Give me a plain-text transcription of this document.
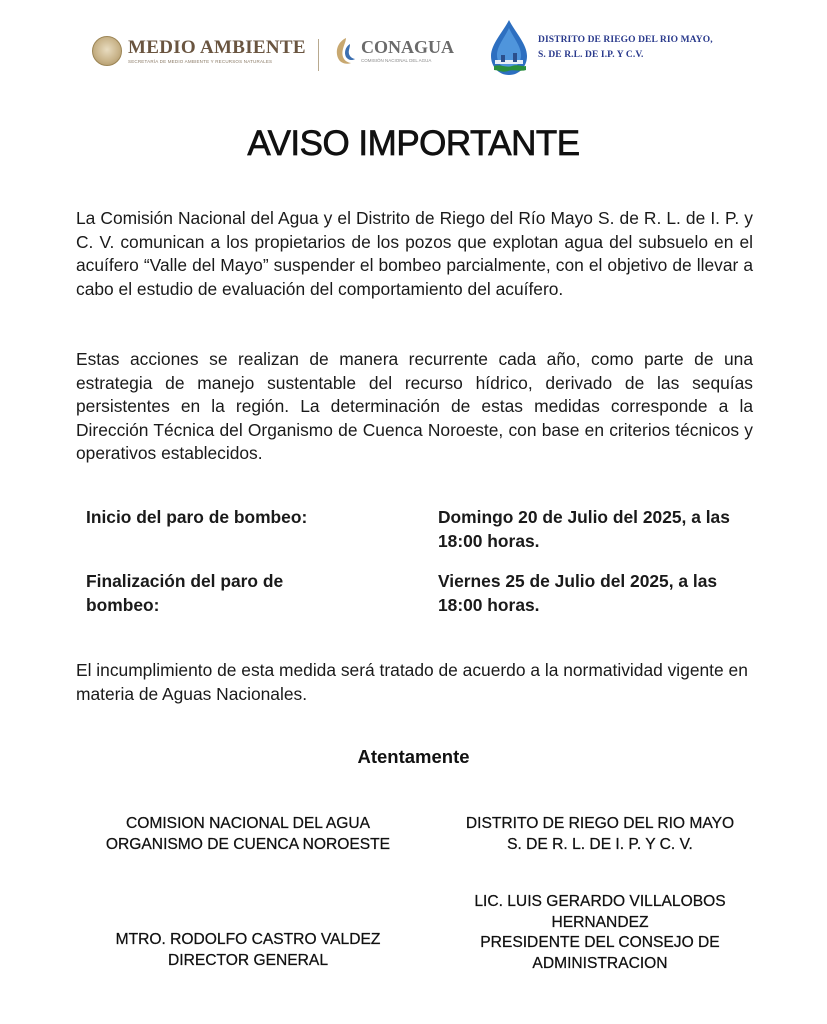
MEDIO AMBIENTE
SECRETARÍA DE MEDIO AMBIENTE Y RECURSOS NATURALES
CONAGUA
COMISIÓN NACIONAL DEL AGUA
DISTRITO DE RIEGO DEL RIO MAYO,
S. DE R.L. DE I.P. Y C.V.
AVISO IMPORTANTE
La Comisión Nacional del Agua y el Distrito de Riego del Río Mayo S. de R. L. de I. P. y C. V. comunican a los propietarios de los pozos que explotan agua del subsuelo en el acuífero “Valle del Mayo” suspender el bombeo parcialmente, con el objetivo de llevar a cabo el estudio de evaluación del comportamiento del acuífero.
Estas acciones se realizan de manera recurrente cada año, como parte de una estrategia de manejo sustentable del recurso hídrico, derivado de las sequías persistentes en la región. La determinación de estas medidas corresponde a la Dirección Técnica del Organismo de Cuenca Noroeste, con base en criterios técnicos y operativos establecidos.
Inicio del paro de bombeo:	Domingo 20 de Julio del 2025, a las 18:00 horas.
Finalización del paro de bombeo:
Viernes 25 de Julio del 2025, a las 18:00 horas.
El incumplimiento de esta medida será tratado de acuerdo a la normatividad vigente en materia de Aguas Nacionales.
Atentamente
COMISION NACIONAL DEL AGUA
ORGANISMO DE CUENCA NOROESTE
DISTRITO DE RIEGO DEL RIO MAYO
S. DE R. L. DE I. P. Y C. V.
LIC. LUIS GERARDO VILLALOBOS
HERNANDEZ
PRESIDENTE DEL CONSEJO DE
ADMINISTRACION
MTRO. RODOLFO CASTRO VALDEZ
DIRECTOR GENERAL
